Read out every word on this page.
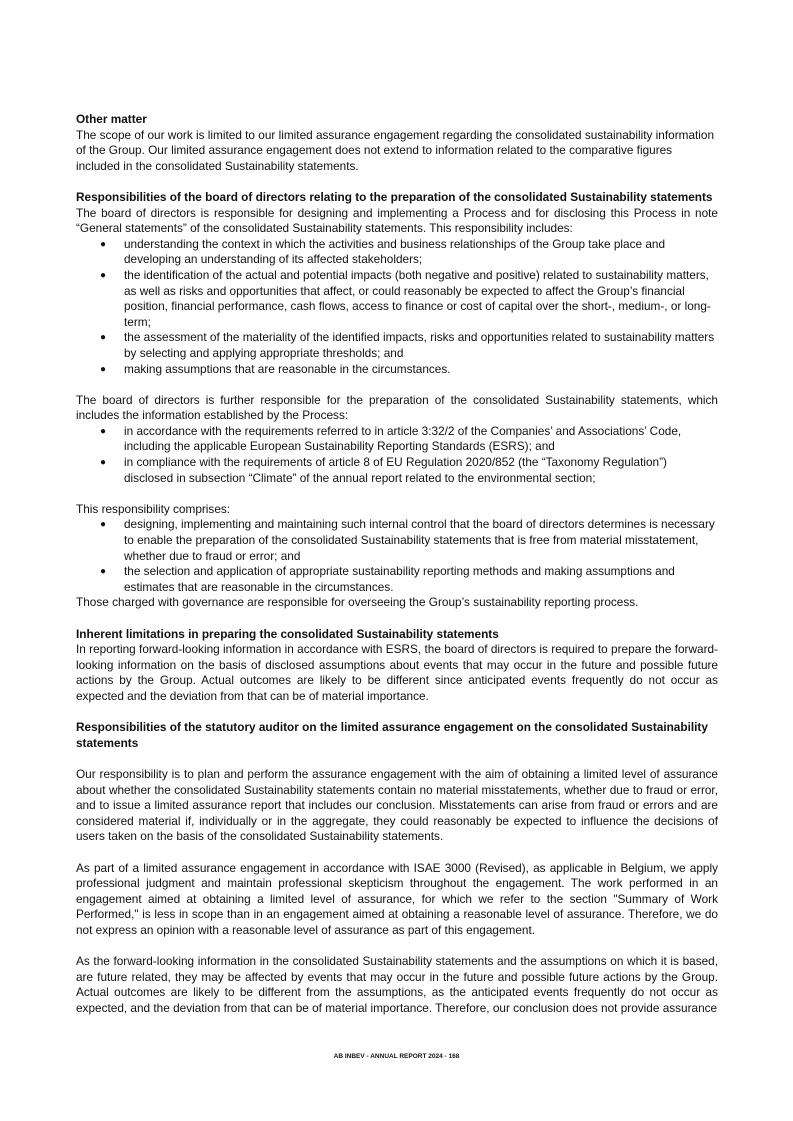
Other matter

The scope of our work is limited to our limited assurance engagement regarding the consolidated sustainability information of the Group. Our limited assurance engagement does not extend to information related to the comparative figures included in the consolidated Sustainability statements.

Responsibilities of the board of directors relating to the preparation of the consolidated Sustainability statements

The board of directors is responsible for designing and implementing a Process and for disclosing this Process in note “General statements” of the consolidated Sustainability statements. This responsibility includes:

● understanding the context in which the activities and business relationships of the Group take place and developing an understanding of its affected stakeholders;
● the identification of the actual and potential impacts (both negative and positive) related to sustainability matters, as well as risks and opportunities that affect, or could reasonably be expected to affect the Group’s financial position, financial performance, cash flows, access to finance or cost of capital over the short-, medium-, or long- term;
● the assessment of the materiality of the identified impacts, risks and opportunities related to sustainability matters by selecting and applying appropriate thresholds; and
● making assumptions that are reasonable in the circumstances.

The board of directors is further responsible for the preparation of the consolidated Sustainability statements, which includes the information established by the Process:

● in accordance with the requirements referred to in article 3:32/2 of the Companies’ and Associations’ Code, including the applicable European Sustainability Reporting Standards (ESRS); and
● in compliance with the requirements of article 8 of EU Regulation 2020/852 (the “Taxonomy Regulation”) disclosed in subsection “Climate” of the annual report related to the environmental section;

This responsibility comprises:

● designing, implementing and maintaining such internal control that the board of directors determines is necessary to enable the preparation of the consolidated Sustainability statements that is free from material misstatement, whether due to fraud or error; and
● the selection and application of appropriate sustainability reporting methods and making assumptions and estimates that are reasonable in the circumstances.

Those charged with governance are responsible for overseeing the Group’s sustainability reporting process.

Inherent limitations in preparing the consolidated Sustainability statements

In reporting forward-looking information in accordance with ESRS, the board of directors is required to prepare the forward-looking information on the basis of disclosed assumptions about events that may occur in the future and possible future actions by the Group. Actual outcomes are likely to be different since anticipated events frequently do not occur as expected and the deviation from that can be of material importance.

Responsibilities of the statutory auditor on the limited assurance engagement on the consolidated Sustainability statements

Our responsibility is to plan and perform the assurance engagement with the aim of obtaining a limited level of assurance about whether the consolidated Sustainability statements contain no material misstatements, whether due to fraud or error, and to issue a limited assurance report that includes our conclusion. Misstatements can arise from fraud or errors and are considered material if, individually or in the aggregate, they could reasonably be expected to influence the decisions of users taken on the basis of the consolidated Sustainability statements.

As part of a limited assurance engagement in accordance with ISAE 3000 (Revised), as applicable in Belgium, we apply professional judgment and maintain professional skepticism throughout the engagement. The work performed in an engagement aimed at obtaining a limited level of assurance, for which we refer to the section "Summary of Work Performed," is less in scope than in an engagement aimed at obtaining a reasonable level of assurance. Therefore, we do not express an opinion with a reasonable level of assurance as part of this engagement.

As the forward-looking information in the consolidated Sustainability statements and the assumptions on which it is based, are future related, they may be affected by events that may occur in the future and possible future actions by the Group. Actual outcomes are likely to be different from the assumptions, as the anticipated events frequently do not occur as expected, and the deviation from that can be of material importance. Therefore, our conclusion does not provide assurance

AB INBEV - ANNUAL REPORT 2024 - 168
